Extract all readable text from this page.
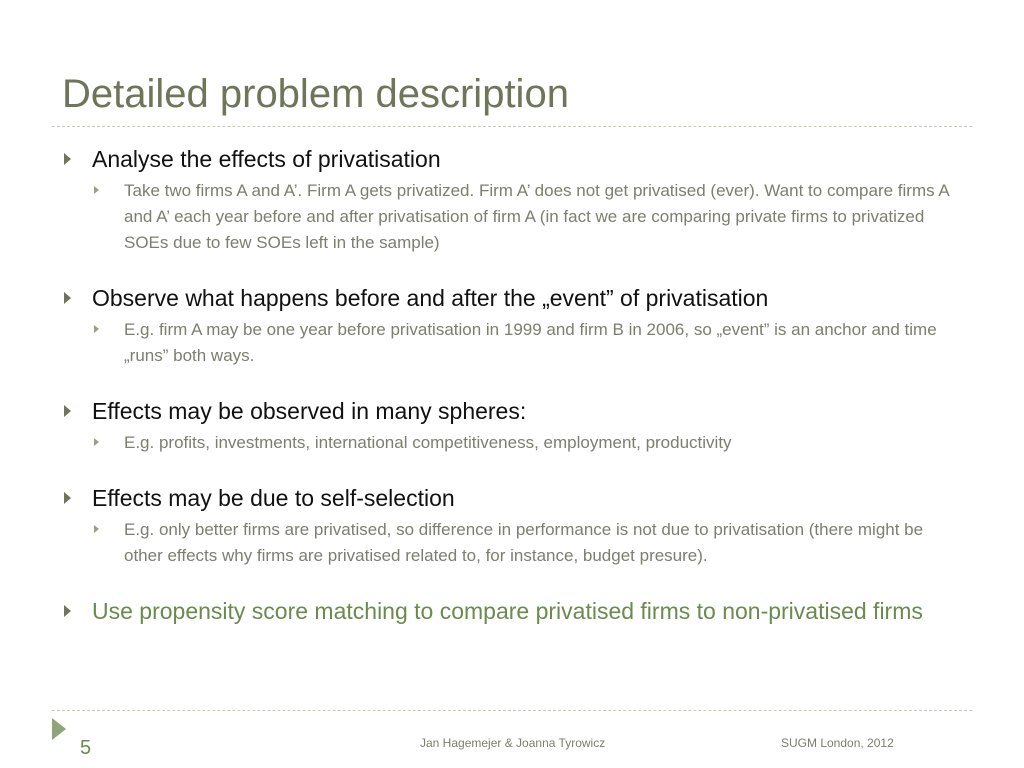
Detailed problem description
Analyse the effects of privatisation
Take two firms A and A’. Firm A gets privatized. Firm A’ does not get privatised (ever). Want to compare firms A and A’ each year before and after privatisation of firm A (in fact we are comparing private firms to privatized SOEs due to few SOEs left in the sample)
Observe what happens before and after the „event” of privatisation
E.g. firm A may be one year before privatisation in 1999 and firm B in 2006, so „event” is an anchor and time „runs” both ways.
Effects may be observed in many spheres:
E.g. profits, investments, international competitiveness, employment, productivity
Effects may be due to self-selection
E.g. only better firms are privatised, so difference in performance is not due to privatisation (there might be other effects why firms are privatised related to, for instance, budget presure).
Use propensity score matching to compare privatised firms to non-privatised firms
5	Jan Hagemejer & Joanna Tyrowicz	SUGM London, 2012
